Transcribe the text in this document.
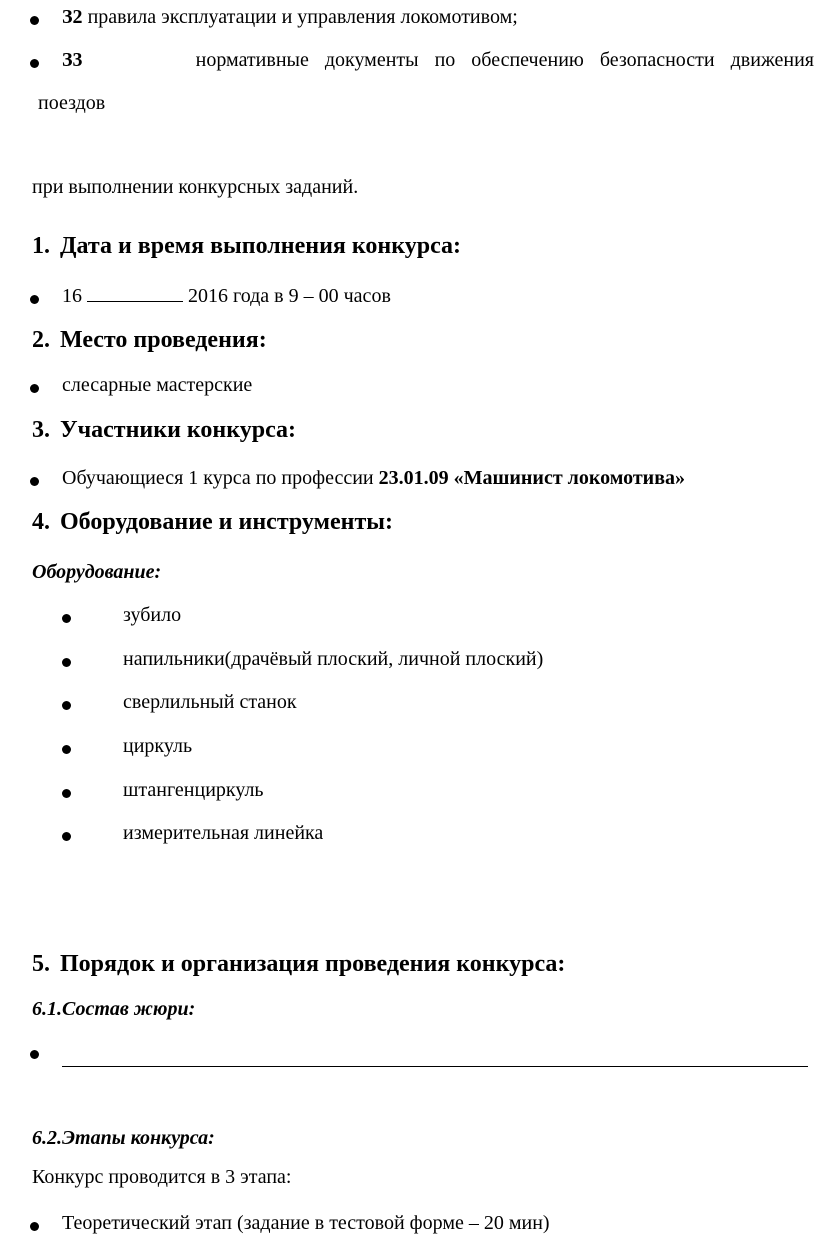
З2 правила эксплуатации и управления локомотивом;
З3	нормативные документы по обеспечению безопасности движения
поездов
при выполнении конкурсных заданий.
1. Дата и время выполнения конкурса:
16	2016 года в 9 – 00 часов
2. Место проведения:
слесарные мастерские
3. Участники конкурса:
Обучающиеся 1 курса по профессии 23.01.09 «Машинист локомотива»
4. Оборудование и инструменты:
Оборудование:
зубило
напильники(драчёвый плоский, личной плоский)
сверлильный станок
циркуль
штангенциркуль
измерительная линейка
5. Порядок и организация проведения конкурса:
6.1.Состав жюри:
6.2.Этапы конкурса:
Конкурс проводится в 3 этапа:
Теоретический этап (задание в тестовой форме – 20 мин)
